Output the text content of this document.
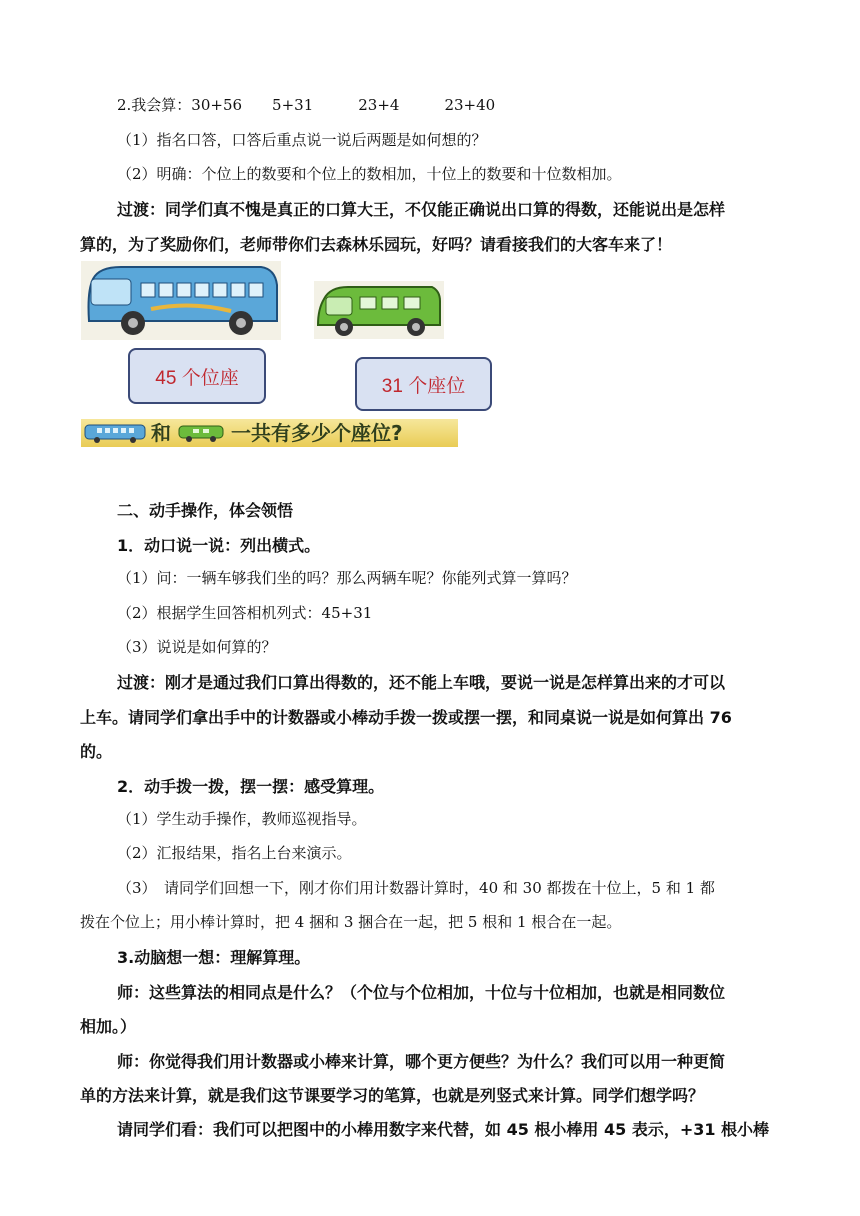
2.我会算：30+56　　5+31　　　23+4　　　23+40
（1）指名口答，口答后重点说一说后两题是如何想的？
（2）明确：个位上的数要和个位上的数相加，十位上的数要和十位数相加。
过渡：同学们真不愧是真正的口算大王，不仅能正确说出口算的得数，还能说出是怎样
算的，为了奖励你们，老师带你们去森林乐园玩，好吗？请看接我们的大客车来了！
45 个位座	31 个座位
和	一共有多少个座位?
二、动手操作，体会领悟
1．动口说一说：列出横式。
（1）问：一辆车够我们坐的吗？那么两辆车呢？你能列式算一算吗？
（2）根据学生回答相机列式：45+31
（3）说说是如何算的？
过渡：刚才是通过我们口算出得数的，还不能上车哦，要说一说是怎样算出来的才可以
上车。请同学们拿出手中的计数器或小棒动手拨一拨或摆一摆，和同桌说一说是如何算出 76
的。
2．动手拨一拨，摆一摆：感受算理。
（1）学生动手操作，教师巡视指导。
（2）汇报结果，指名上台来演示。
（3）　请同学们回想一下，刚才你们用计数器计算时，40 和 30 都拨在十位上，5 和 1 都
拨在个位上；用小棒计算时，把 4 捆和 3 捆合在一起，把 5 根和 1 根合在一起。
3.动脑想一想：理解算理。
师：这些算法的相同点是什么？（个位与个位相加，十位与十位相加，也就是相同数位
相加。）
师：你觉得我们用计数器或小棒来计算，哪个更方便些？为什么？我们可以用一种更简
单的方法来计算，就是我们这节课要学习的笔算，也就是列竖式来计算。同学们想学吗？
请同学们看：我们可以把图中的小棒用数字来代替，如 45 根小棒用 45 表示，+31 根小棒
